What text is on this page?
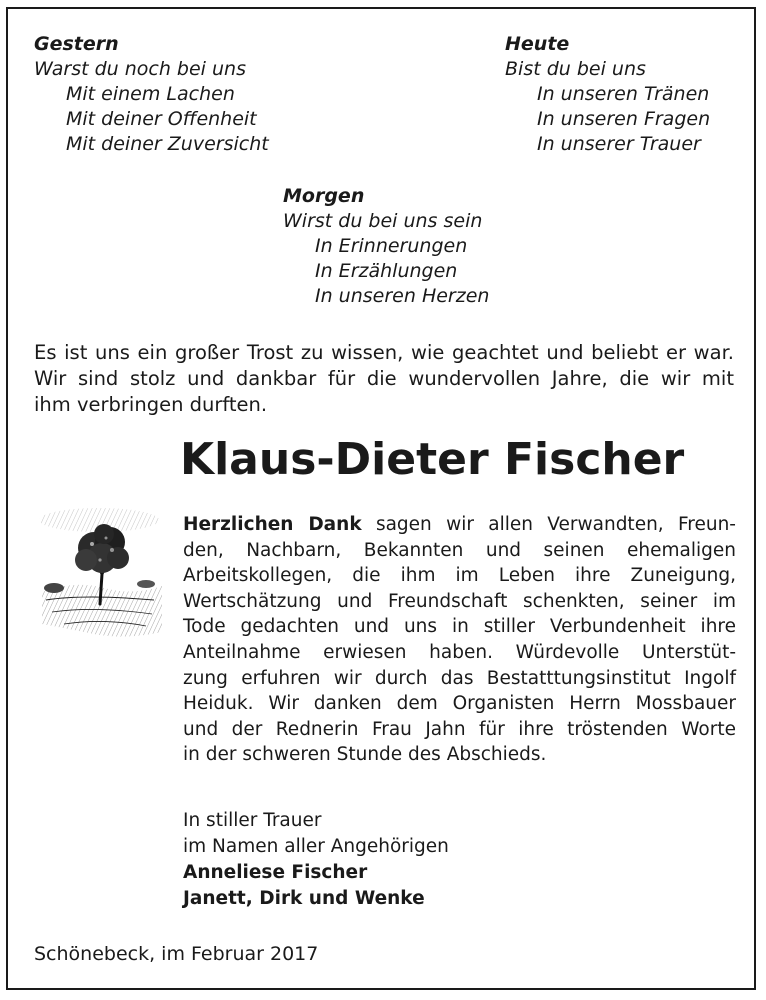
Gestern
Warst du noch bei uns
Mit einem Lachen
Mit deiner Offenheit
Mit deiner Zuversicht
Heute
Bist du bei uns
In unseren Tränen
In unseren Fragen
In unserer Trauer
Morgen
Wirst du bei uns sein
In Erinnerungen
In Erzählungen
In unseren Herzen
Es ist uns ein großer Trost zu wissen, wie geachtet und beliebt er war.
Wir sind stolz und dankbar für die wundervollen Jahre, die wir mit
ihm verbringen durften.
Klaus-Dieter Fischer
Herzlichen Dank sagen wir allen Verwandten, Freun-
den, Nachbarn, Bekannten und seinen ehemaligen
Arbeitskollegen, die ihm im Leben ihre Zuneigung,
Wertschätzung und Freundschaft schenkten, seiner im
Tode gedachten und uns in stiller Verbundenheit ihre
Anteilnahme erwiesen haben. Würdevolle Unterstüt-
zung erfuhren wir durch das Bestatttungsinstitut Ingolf
Heiduk. Wir danken dem Organisten Herrn Mossbauer
und der Rednerin Frau Jahn für ihre tröstenden Worte
in der schweren Stunde des Abschieds.
In stiller Trauer
im Namen aller Angehörigen
Anneliese Fischer
Janett, Dirk und Wenke
Schönebeck, im Februar 2017
